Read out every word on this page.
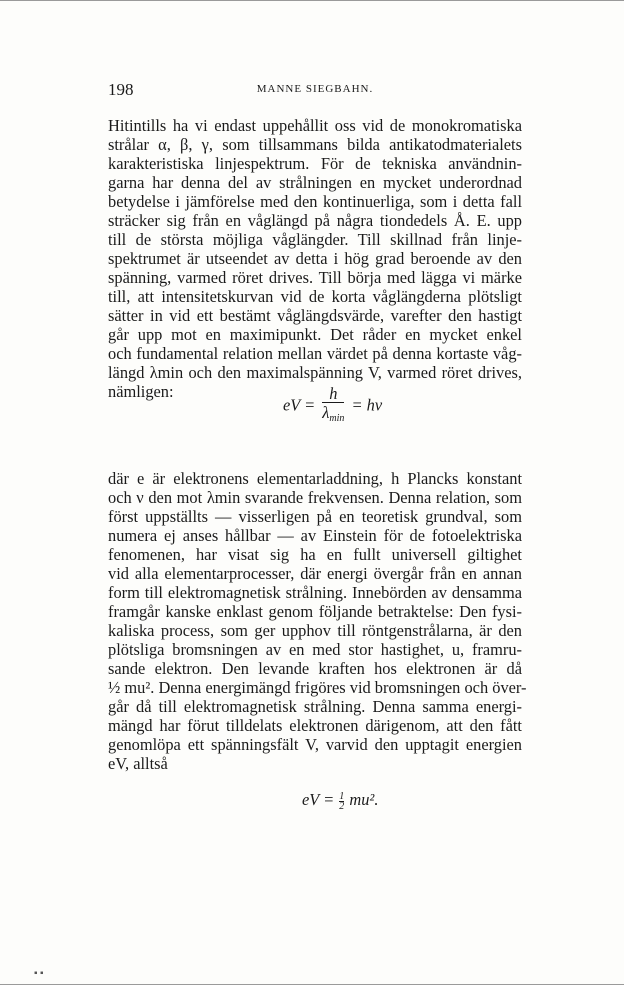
198	MANNE SIEGBAHN.
Hitintills ha vi endast uppehållit oss vid de monokromatiska
strålar α, β, γ, som tillsammans bilda antikatodmaterialets
karakteristiska linjespektrum. För de tekniska användnin-
garna har denna del av strålningen en mycket underordnad
betydelse i jämförelse med den kontinuerliga, som i detta fall
sträcker sig från en våglängd på några tiondedels Å. E. upp
till de största möjliga våglängder. Till skillnad från linje-
spektrumet är utseendet av detta i hög grad beroende av den
spänning, varmed röret drives. Till börja med lägga vi märke
till, att intensitetskurvan vid de korta våglängderna plötsligt
sätter in vid ett bestämt våglängdsvärde, varefter den hastigt
går upp mot en maximipunkt. Det råder en mycket enkel
och fundamental relation mellan värdet på denna kortaste våg-
längd λmin och den maximalspänning V, varmed röret drives,
nämligen:
eV = $\frac{h}{\lambda\min} = h\nu$
där e är elektronens elementarladdning, h Plancks konstant
och ν den mot λmin svarande frekvensen. Denna relation, som
först uppställts — visserligen på en teoretisk grundval, som
numera ej anses hållbar — av Einstein för de fotoelektriska
fenomenen, har visat sig ha en fullt universell giltighet
vid alla elementarprocesser, där energi övergår från en annan
form till elektromagnetisk strålning. Innebörden av densamma
framgår kanske enklast genom följande betraktelse: Den fysi-
kaliska process, som ger upphov till röntgenstrålarna, är den
plötsliga bromsningen av en med stor hastighet, u, framru-
sande elektron. Den levande kraften hos elektronen är då
½ mu². Denna energimängd frigöres vid bromsningen och över-
går då till elektromagnetisk strålning. Denna samma energi-
mängd har förut tilldelats elektronen därigenom, att den fått
genomlöpa ett spänningsfält V, varvid den upptagit energien
eV, alltså
eV = $\frac{1}{2} mu^2$.
▪ ▪
